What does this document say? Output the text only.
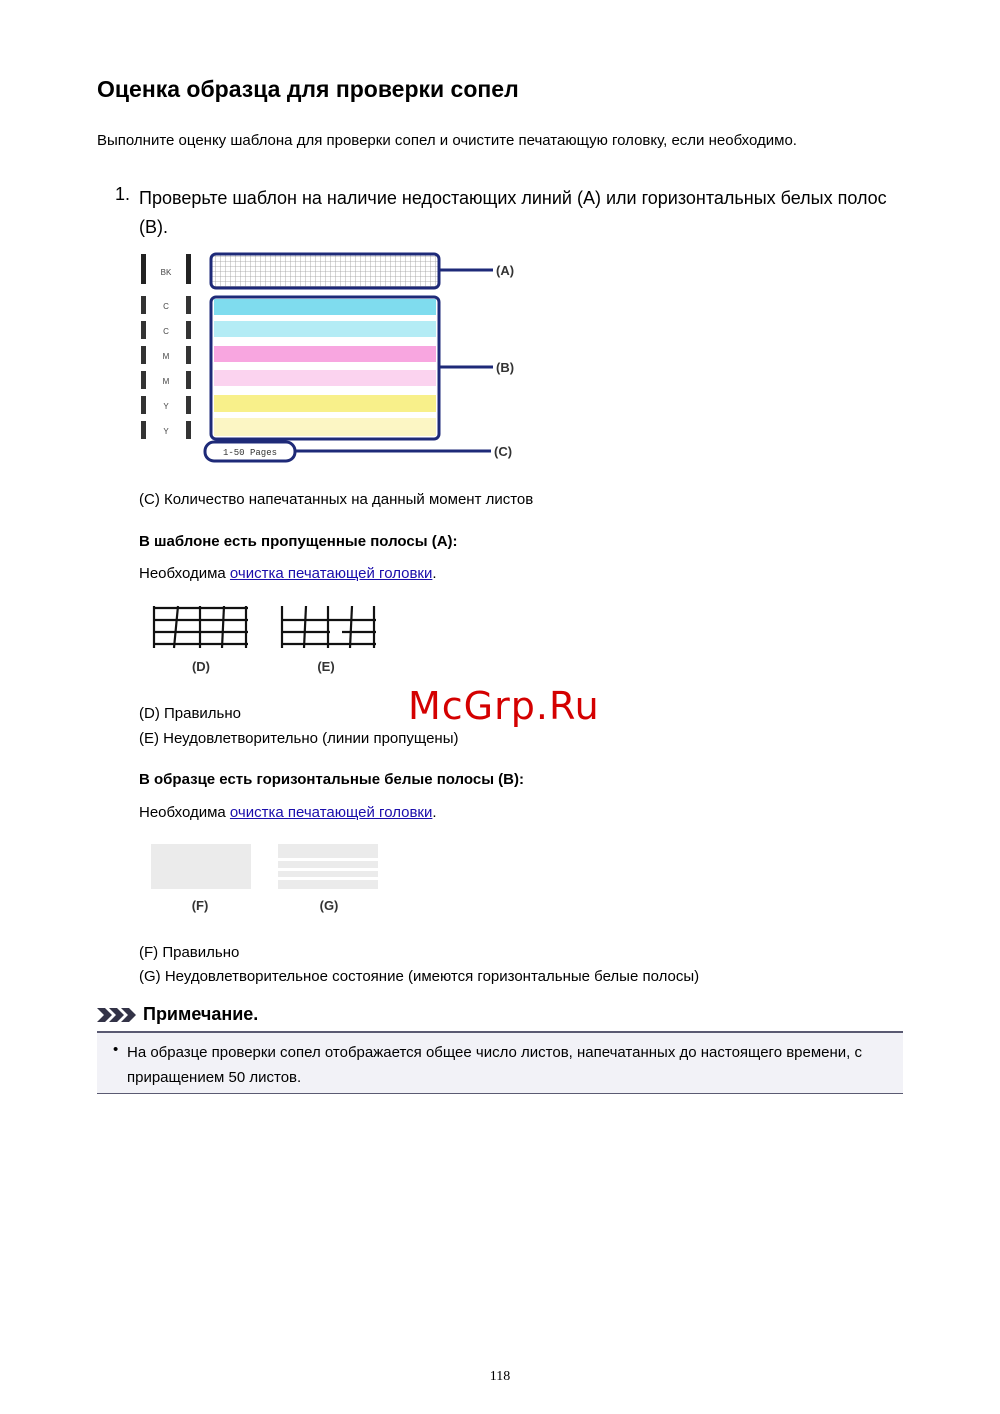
Оценка образца для проверки сопел
Выполните оценку шаблона для проверки сопел и очистите печатающую головку, если необходимо.
1. Проверьте шаблон на наличие недостающих линий (A) или горизонтальных белых полос (B).
BK
C
C
M
M
Y
Y
1-50 Pages
(A)
(B)
(C)
(C) Количество напечатанных на данный момент листов
В шаблоне есть пропущенные полосы (A):
Необходима очистка печатающей головки.
(D)	(E)
McGrp.Ru
(D) Правильно
(E) Неудовлетворительно (линии пропущены)
В образце есть горизонтальные белые полосы (B):
Необходима очистка печатающей головки.
(F)	(G)
(F) Правильно
(G) Неудовлетворительное состояние (имеются горизонтальные белые полосы)
Примечание.
• На образце проверки сопел отображается общее число листов, напечатанных до настоящего времени, с приращением 50 листов.
118
